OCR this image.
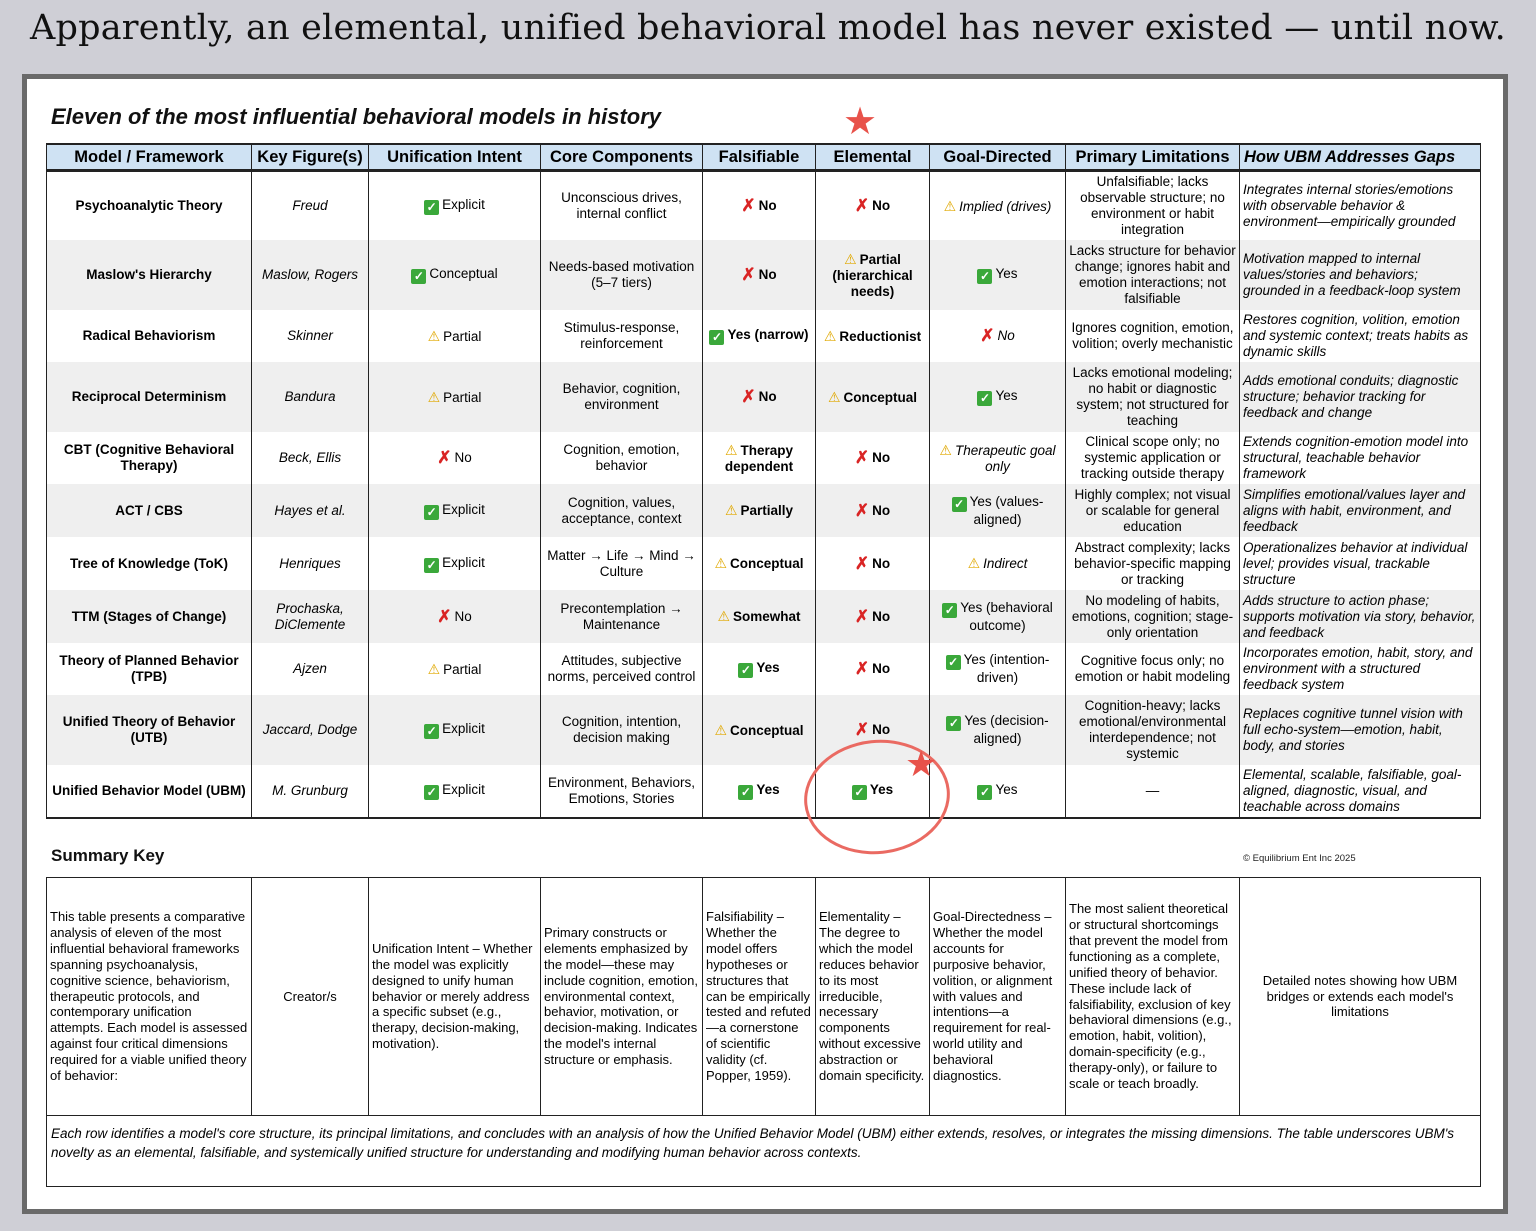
Apparently, an elemental, unified behavioral model has never existed — until now.
Eleven of the most influential behavioral models in history	★
Model / Framework	Key Figure(s)	Unification Intent	Core Components	Falsifiable	Elemental	Goal-Directed	Primary Limitations	How UBM Addresses Gaps
Psychoanalytic Theory	Freud	✓ Explicit	Unconscious drives, internal conflict	✗ No	✗ No	⚠ Implied (drives)	Unfalsifiable; lacks observable structure; no environment or habit integration	Integrates internal stories/emotions with observable behavior & environment—empirically grounded
Maslow's Hierarchy	Maslow, Rogers	✓ Conceptual	Needs-based motivation (5–7 tiers)	✗ No	⚠ Partial (hierarchical needs)	✓ Yes	Lacks structure for behavior change; ignores habit and emotion interactions; not falsifiable	Motivation mapped to internal values/stories and behaviors; grounded in a feedback-loop system
Radical Behaviorism	Skinner	⚠ Partial	Stimulus-response, reinforcement	✓ Yes (narrow)	⚠ Reductionist	✗ No	Ignores cognition, emotion, volition; overly mechanistic	Restores cognition, volition, emotion and systemic context; treats habits as dynamic skills
Reciprocal Determinism	Bandura	⚠ Partial	Behavior, cognition, environment	✗ No	⚠ Conceptual	✓ Yes	Lacks emotional modeling; no habit or diagnostic system; not structured for teaching	Adds emotional conduits; diagnostic structure; behavior tracking for feedback and change
CBT (Cognitive Behavioral Therapy)	Beck, Ellis	✗ No	Cognition, emotion, behavior	⚠ Therapy dependent	✗ No	⚠ Therapeutic goal only	Clinical scope only; no systemic application or tracking outside therapy	Extends cognition-emotion model into structural, teachable behavior framework
ACT / CBS	Hayes et al.	✓ Explicit	Cognition, values, acceptance, context	⚠ Partially	✗ No	✓ Yes (values-aligned)	Highly complex; not visual or scalable for general education	Simplifies emotional/values layer and aligns with habit, environment, and feedback
Tree of Knowledge (ToK)	Henriques	✓ Explicit	Matter → Life → Mind → Culture	⚠ Conceptual	✗ No	⚠ Indirect	Abstract complexity; lacks behavior-specific mapping or tracking	Operationalizes behavior at individual level; provides visual, trackable structure
TTM (Stages of Change)	Prochaska, DiClemente	✗ No	Precontemplation → Maintenance	⚠ Somewhat	✗ No	✓ Yes (behavioral outcome)	No modeling of habits, emotions, cognition; stage-only orientation	Adds structure to action phase; supports motivation via story, behavior, and feedback
Theory of Planned Behavior (TPB)	Ajzen	⚠ Partial	Attitudes, subjective norms, perceived control	✓ Yes	✗ No	✓ Yes (intention-driven)	Cognitive focus only; no emotion or habit modeling	Incorporates emotion, habit, story, and environment with a structured feedback system
Unified Theory of Behavior (UTB)	Jaccard, Dodge	✓ Explicit	Cognition, intention, decision making	⚠ Conceptual	✗ No	✓ Yes (decision-aligned)	Cognition-heavy; lacks emotional/environmental interdependence; not systemic	Replaces cognitive tunnel vision with full echo-system—emotion, habit, body, and stories
Unified Behavior Model (UBM)	M. Grunburg	✓ Explicit	Environment, Behaviors, Emotions, Stories	✓ Yes	✓ Yes	✓ Yes	—	Elemental, scalable, falsifiable, goal-aligned, diagnostic, visual, and teachable across domains
★
Summary Key	© Equilibrium Ent Inc 2025
This table presents a comparative analysis of eleven of the most influential behavioral frameworks spanning psychoanalysis, cognitive science, behaviorism, therapeutic protocols, and contemporary unification attempts. Each model is assessed against four critical dimensions required for a viable unified theory of behavior:	Creator/s	Unification Intent – Whether the model was explicitly designed to unify human behavior or merely address a specific subset (e.g., therapy, decision-making, motivation).	Primary constructs or elements emphasized by the model—these may include cognition, emotion, environmental context, behavior, motivation, or decision-making. Indicates the model's internal structure or emphasis.	Falsifiability – Whether the model offers hypotheses or structures that can be empirically tested and refuted—a cornerstone of scientific validity (cf. Popper, 1959).	Elementality – The degree to which the model reduces behavior to its most irreducible, necessary components without excessive abstraction or domain specificity.	Goal-Directedness – Whether the model accounts for purposive behavior, volition, or alignment with values and intentions—a requirement for real-world utility and behavioral diagnostics.	The most salient theoretical or structural shortcomings that prevent the model from functioning as a complete, unified theory of behavior. These include lack of falsifiability, exclusion of key behavioral dimensions (e.g., emotion, habit, volition), domain-specificity (e.g., therapy-only), or failure to scale or teach broadly.	Detailed notes showing how UBM bridges or extends each model's limitations
Each row identifies a model's core structure, its principal limitations, and concludes with an analysis of how the Unified Behavior Model (UBM) either extends, resolves, or integrates the missing dimensions. The table underscores UBM's novelty as an elemental, falsifiable, and systemically unified structure for understanding and modifying human behavior across contexts.
